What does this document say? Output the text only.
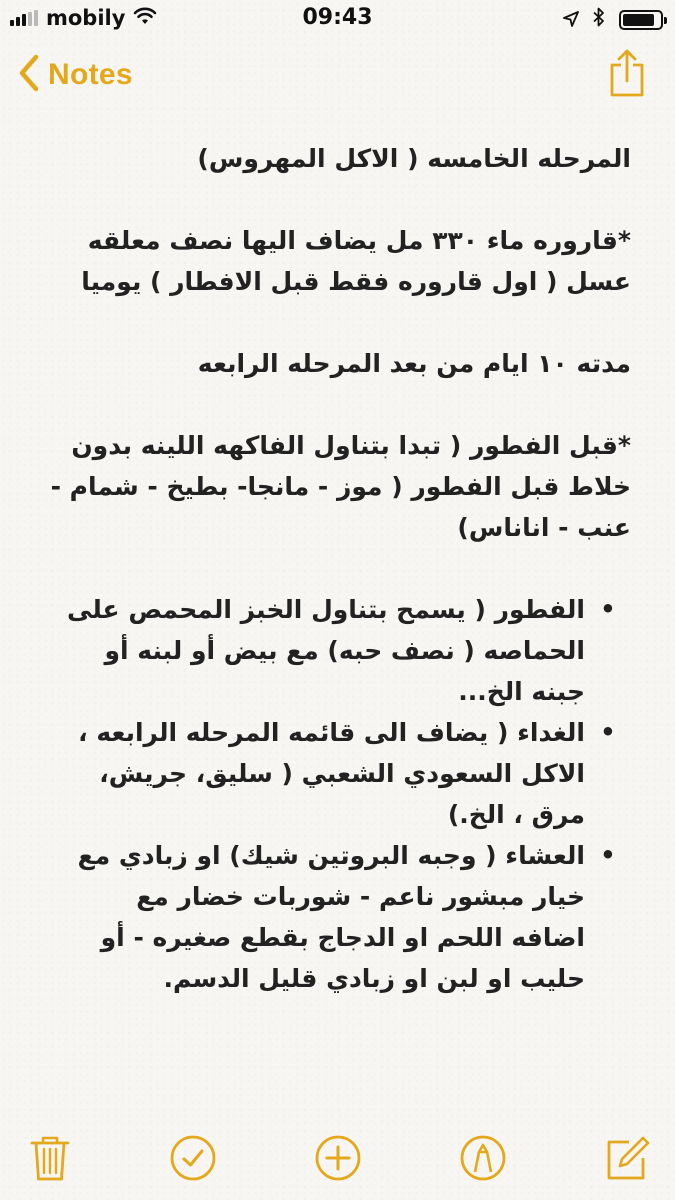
mobily	09:43
Notes

المرحله الخامسه ( الاكل المهروس)

*قاروره ماء ٣٣٠ مل يضاف اليها نصف معلقه

عسل ( اول قاروره فقط قبل الافطار ) يوميا

مدته ١٠ ايام من بعد المرحله الرابعه

*قبل الفطور ( تبدا بتناول الفاكهه اللينه بدون

خلاط قبل الفطور ( موز - مانجا- بطيخ - شمام -

عنب - اناناس)

•
الفطور ( يسمح بتناول الخبز المحمص على
الحماصه ( نصف حبه) مع بيض أو لبنه أو
جبنه الخ...
•
الغداء ( يضاف الى قائمه المرحله الرابعه ،
الاكل السعودي الشعبي ( سليق، جريش،
مرق ، الخ.)
•
العشاء ( وجبه البروتين شيك) او زبادي مع
خيار مبشور ناعم - شوربات خضار مع
اضافه اللحم او الدجاج بقطع صغيره - أو
حليب او لبن او زبادي قليل الدسم.
